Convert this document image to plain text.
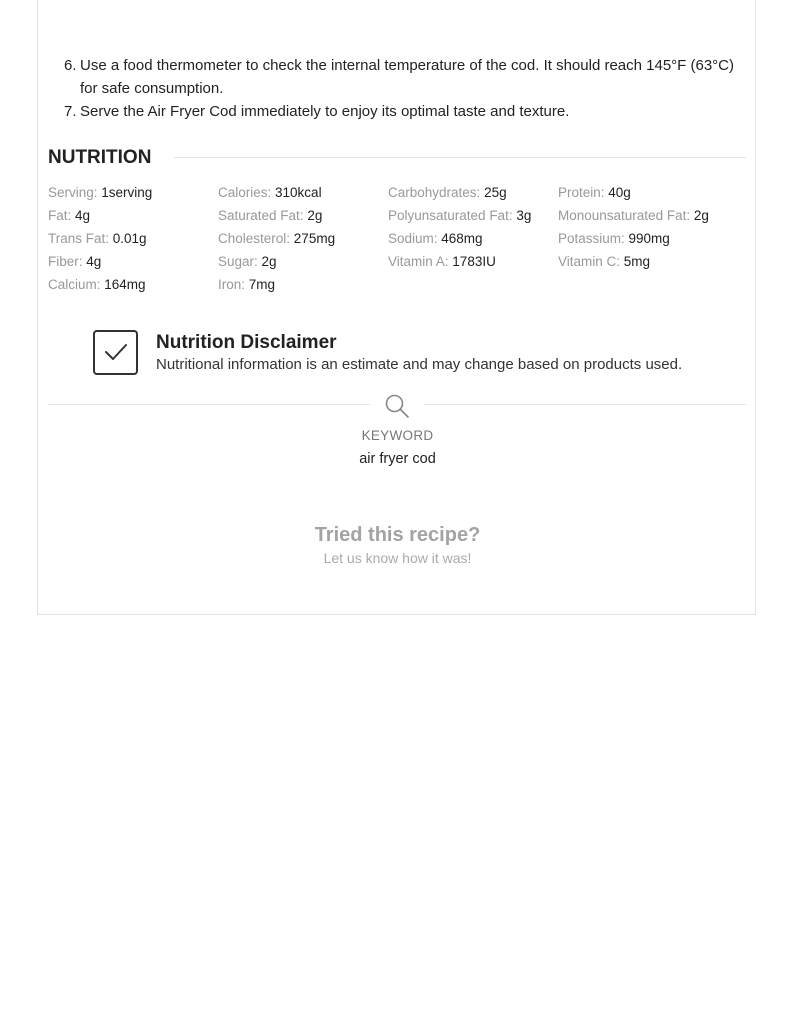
6. Use a food thermometer to check the internal temperature of the cod. It should reach 145°F (63°C) for safe consumption.
7. Serve the Air Fryer Cod immediately to enjoy its optimal taste and texture.
NUTRITION
Serving: 1serving	Calories: 310kcal	Carbohydrates: 25g	Protein: 40g
Fat: 4g	Saturated Fat: 2g	Polyunsaturated Fat: 3g Monounsaturated Fat: 2g
Trans Fat: 0.01g	Cholesterol: 275mg	Sodium: 468mg	Potassium: 990mg
Fiber: 4g	Sugar: 2g	Vitamin A: 1783IU	Vitamin C: 5mg
Calcium: 164mg	Iron: 7mg
Nutrition Disclaimer
Nutritional information is an estimate and may change based on products used.
KEYWORD
air fryer cod
Tried this recipe?
Let us know how it was!
